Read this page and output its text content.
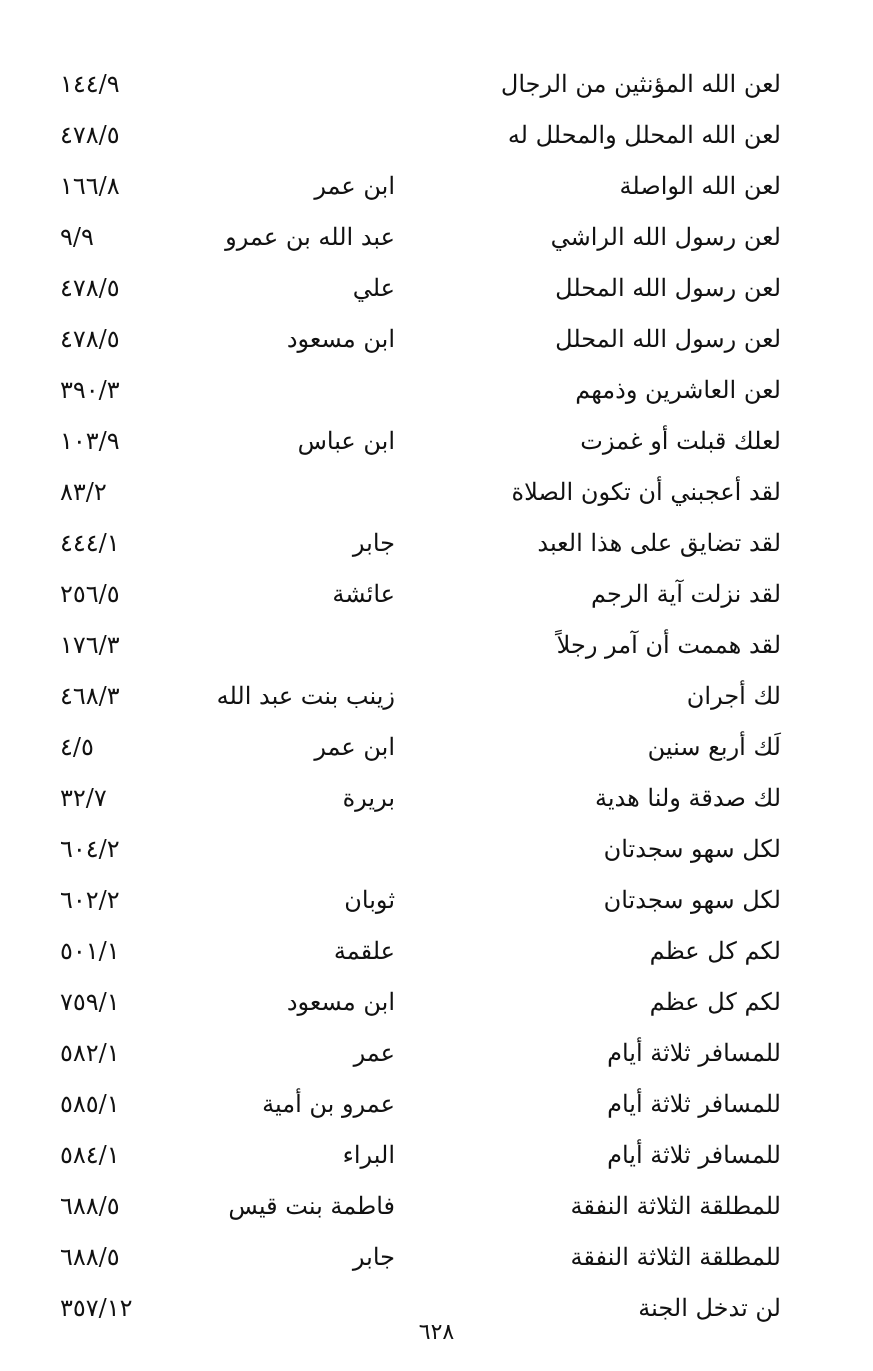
لعن الله المؤنثين من الرجال
١٤٤/٩
لعن الله المحلل والمحلل له
٤٧٨/٥
لعن الله الواصلة
ابن عمر
١٦٦/٨
لعن رسول الله الراشي
عبد الله بن عمرو
٩/٩
لعن رسول الله المحلل
علي
٤٧٨/٥
لعن رسول الله المحلل
ابن مسعود
٤٧٨/٥
لعن العاشرين وذمهم
٣٩٠/٣
لعلك قبلت أو غمزت
ابن عباس
١٠٣/٩
لقد أعجبني أن تكون الصلاة
٨٣/٢
لقد تضايق على هذا العبد
جابر
٤٤٤/١
لقد نزلت آية الرجم
عائشة
٢٥٦/٥
لقد هممت أن آمر رجلاً
١٧٦/٣
لك أجران
زينب بنت عبد الله
٤٦٨/٣
لَك أربع سنين
ابن عمر
٤/٥
لك صدقة ولنا هدية
بريرة
٣٢/٧
لكل سهو سجدتان
٦٠٤/٢
لكل سهو سجدتان
ثوبان
٦٠٢/٢
لكم كل عظم
علقمة
٥٠١/١
لكم كل عظم
ابن مسعود
٧٥٩/١
للمسافر ثلاثة أيام
عمر
٥٨٢/١
للمسافر ثلاثة أيام
عمرو بن أمية
٥٨٥/١
للمسافر ثلاثة أيام
البراء
٥٨٤/١
للمطلقة الثلاثة النفقة
فاطمة بنت قيس
٦٨٨/٥
للمطلقة الثلاثة النفقة
جابر
٦٨٨/٥
لن تدخل الجنة
٣٥٧/١٢
٦٢٨
